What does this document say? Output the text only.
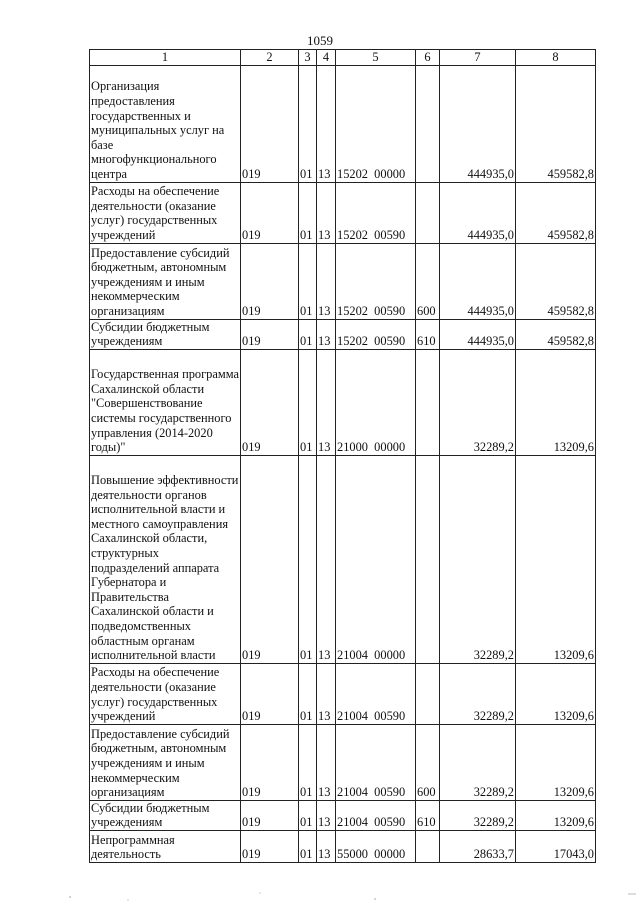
1059
1	2	3	4	5	6	7	8
Организация предоставления государственных и муниципальных услуг на базе многофункционального центра	019	01	13	15202  00000		444935,0	459582,8
Расходы на обеспечение деятельности (оказание услуг) государственных учреждений	019	01	13	15202  00590		444935,0	459582,8
Предоставление субсидий бюджетным, автономным учреждениям и иным некоммерческим организациям	019	01	13	15202  00590	600	444935,0	459582,8
Субсидии бюджетным учреждениям	019	01	13	15202  00590	610	444935,0	459582,8
Государственная программа Сахалинской области "Совершенствование системы государственного управления (2014-2020 годы)"	019	01	13	21000  00000		32289,2	13209,6
Повышение эффективности деятельности органов исполнительной власти и местного самоуправления Сахалинской области, структурных подразделений аппарата Губернатора и Правительства Сахалинской области и подведомственных областным органам исполнительной власти	019	01	13	21004  00000		32289,2	13209,6
Расходы на обеспечение деятельности (оказание услуг) государственных учреждений	019	01	13	21004  00590		32289,2	13209,6
Предоставление субсидий бюджетным, автономным учреждениям и иным некоммерческим организациям	019	01	13	21004  00590	600	32289,2	13209,6
Субсидии бюджетным учреждениям	019	01	13	21004  00590	610	32289,2	13209,6
Непрограммная деятельность	019	01	13	55000  00000		28633,7	17043,0
